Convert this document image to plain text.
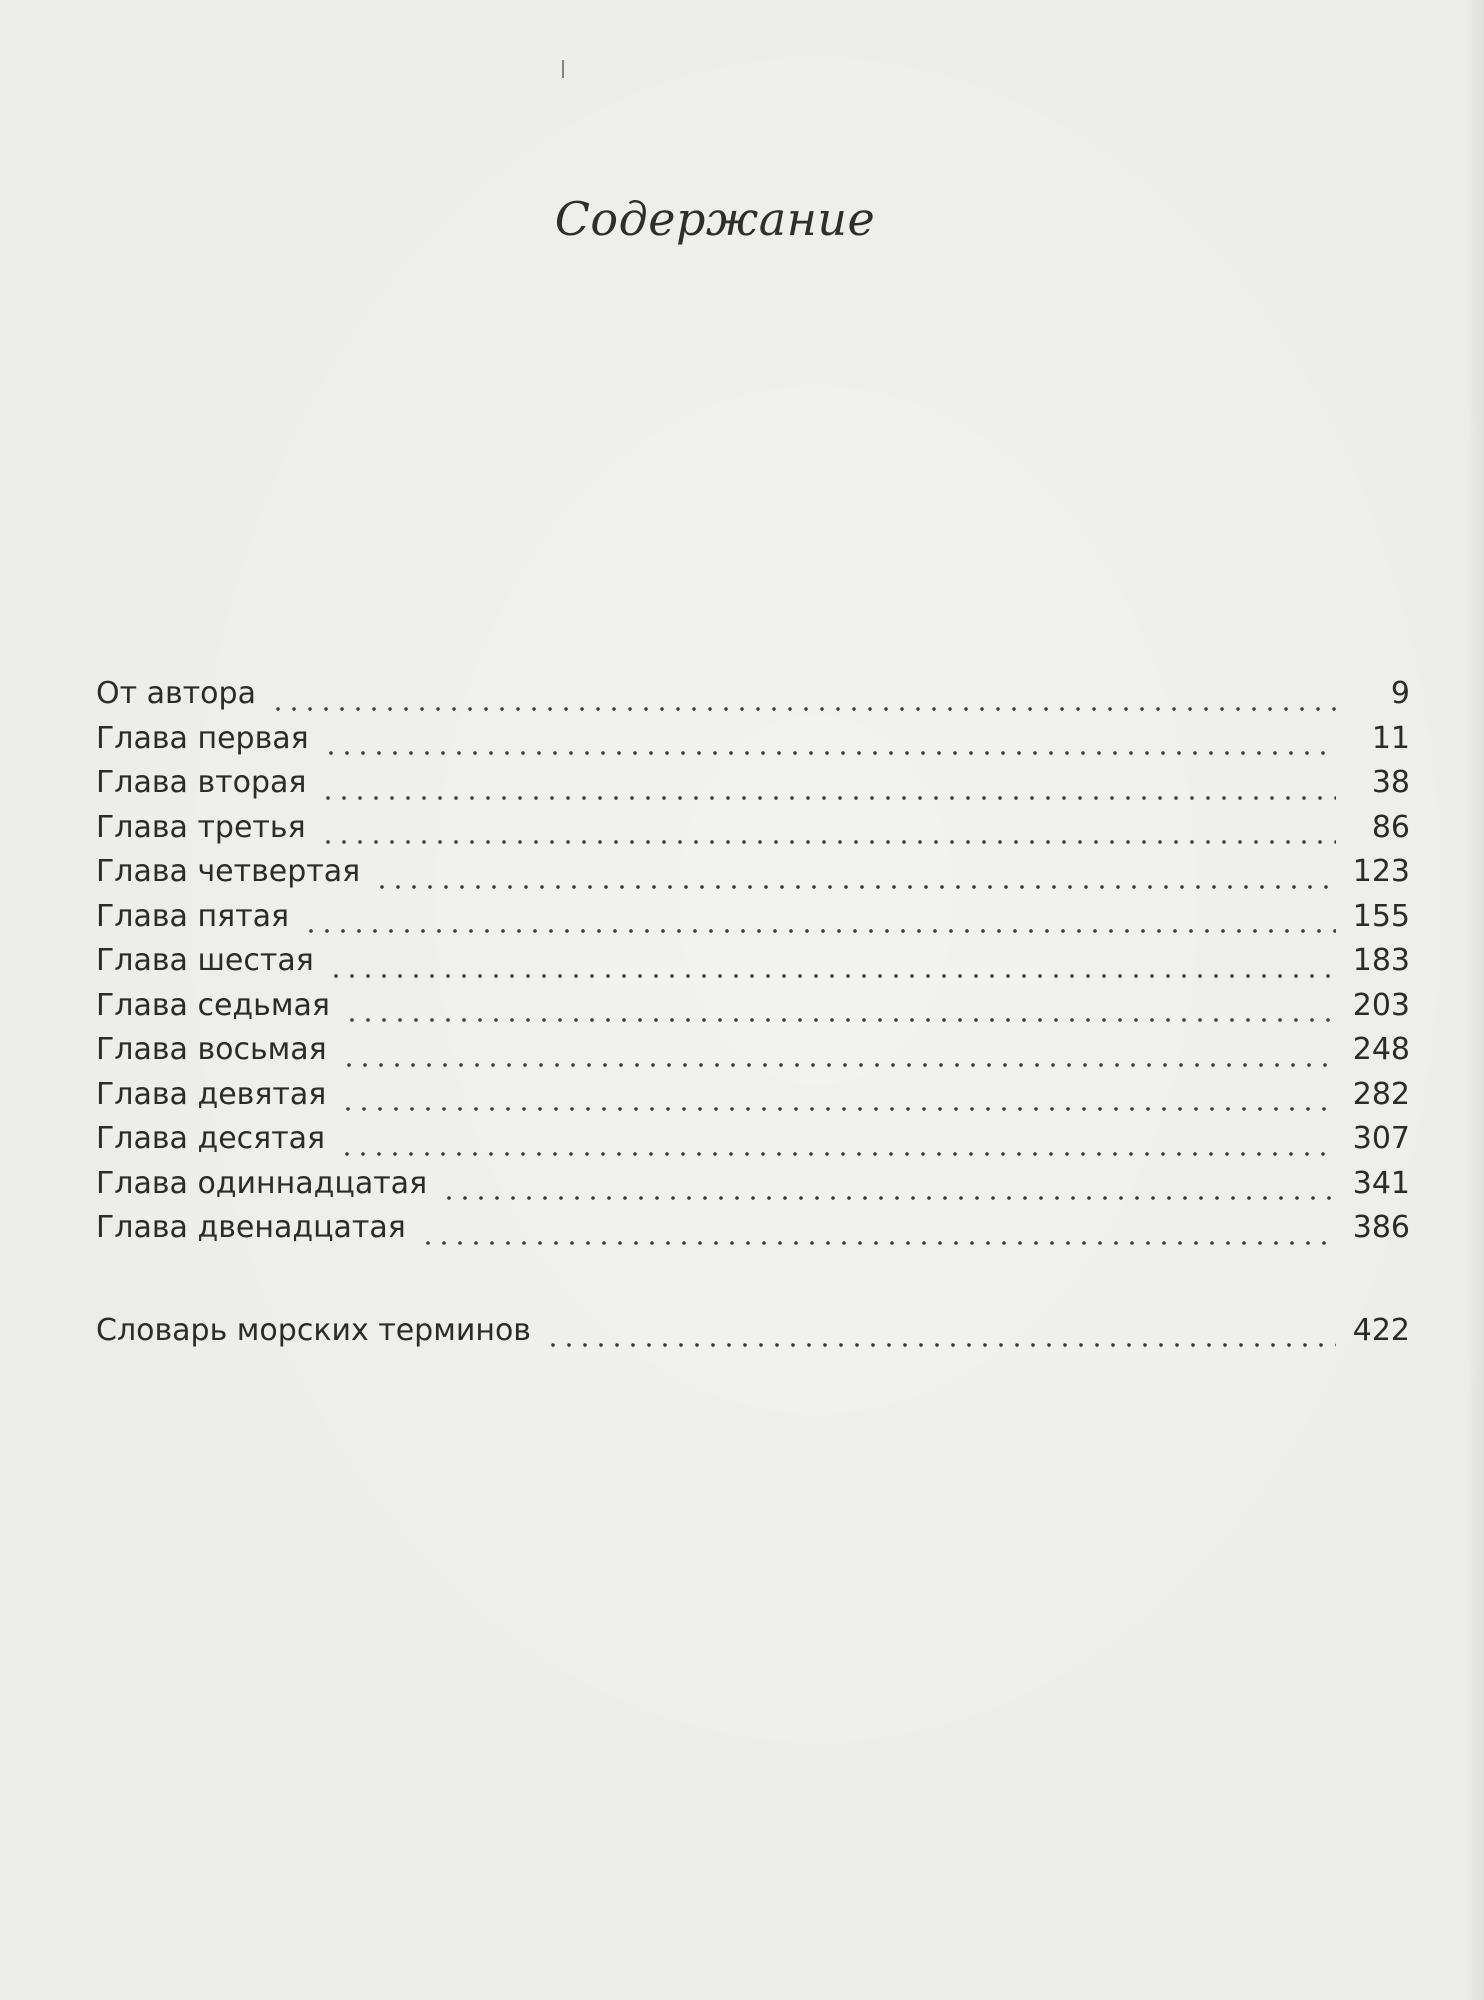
Содержание
От автора	9
Глава первая	11
Глава вторая	38
Глава третья	86
Глава четвертая	123
Глава пятая	155
Глава шестая	183
Глава седьмая	203
Глава восьмая	248
Глава девятая	282
Глава десятая	307
Глава одиннадцатая	341
Глава двенадцатая	386
Словарь морских терминов	422
